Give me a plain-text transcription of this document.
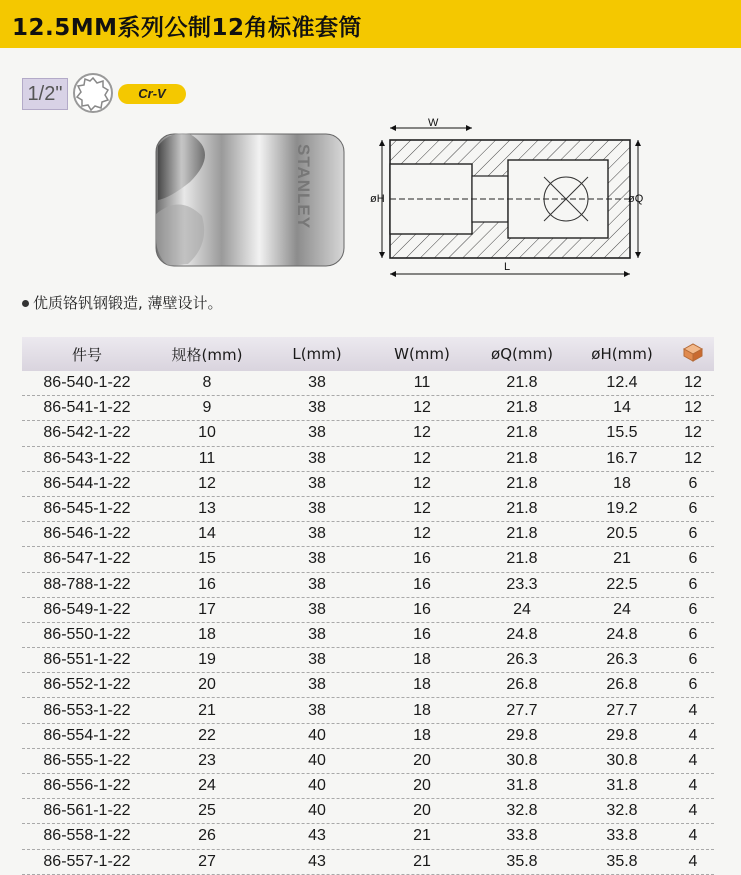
12.5MM系列公制12角标准套筒
1/2"	Cr-V
STANLEY
W
øH	øQ
L
优质铬钒钢锻造, 薄壁设计。
件号	规格(mm)	L(mm)	W(mm)	øQ(mm)	øH(mm)
86-540-1-22	8	38	11	21.8	12.4	12
86-541-1-22	9	38	12	21.8	14	12
86-542-1-22	10	38	12	21.8	15.5	12
86-543-1-22	11	38	12	21.8	16.7	12
86-544-1-22	12	38	12	21.8	18	6
86-545-1-22	13	38	12	21.8	19.2	6
86-546-1-22	14	38	12	21.8	20.5	6
86-547-1-22	15	38	16	21.8	21	6
88-788-1-22	16	38	16	23.3	22.5	6
86-549-1-22	17	38	16	24	24	6
86-550-1-22	18	38	16	24.8	24.8	6
86-551-1-22	19	38	18	26.3	26.3	6
86-552-1-22	20	38	18	26.8	26.8	6
86-553-1-22	21	38	18	27.7	27.7	4
86-554-1-22	22	40	18	29.8	29.8	4
86-555-1-22	23	40	20	30.8	30.8	4
86-556-1-22	24	40	20	31.8	31.8	4
86-561-1-22	25	40	20	32.8	32.8	4
86-558-1-22	26	43	21	33.8	33.8	4
86-557-1-22	27	43	21	35.8	35.8	4
